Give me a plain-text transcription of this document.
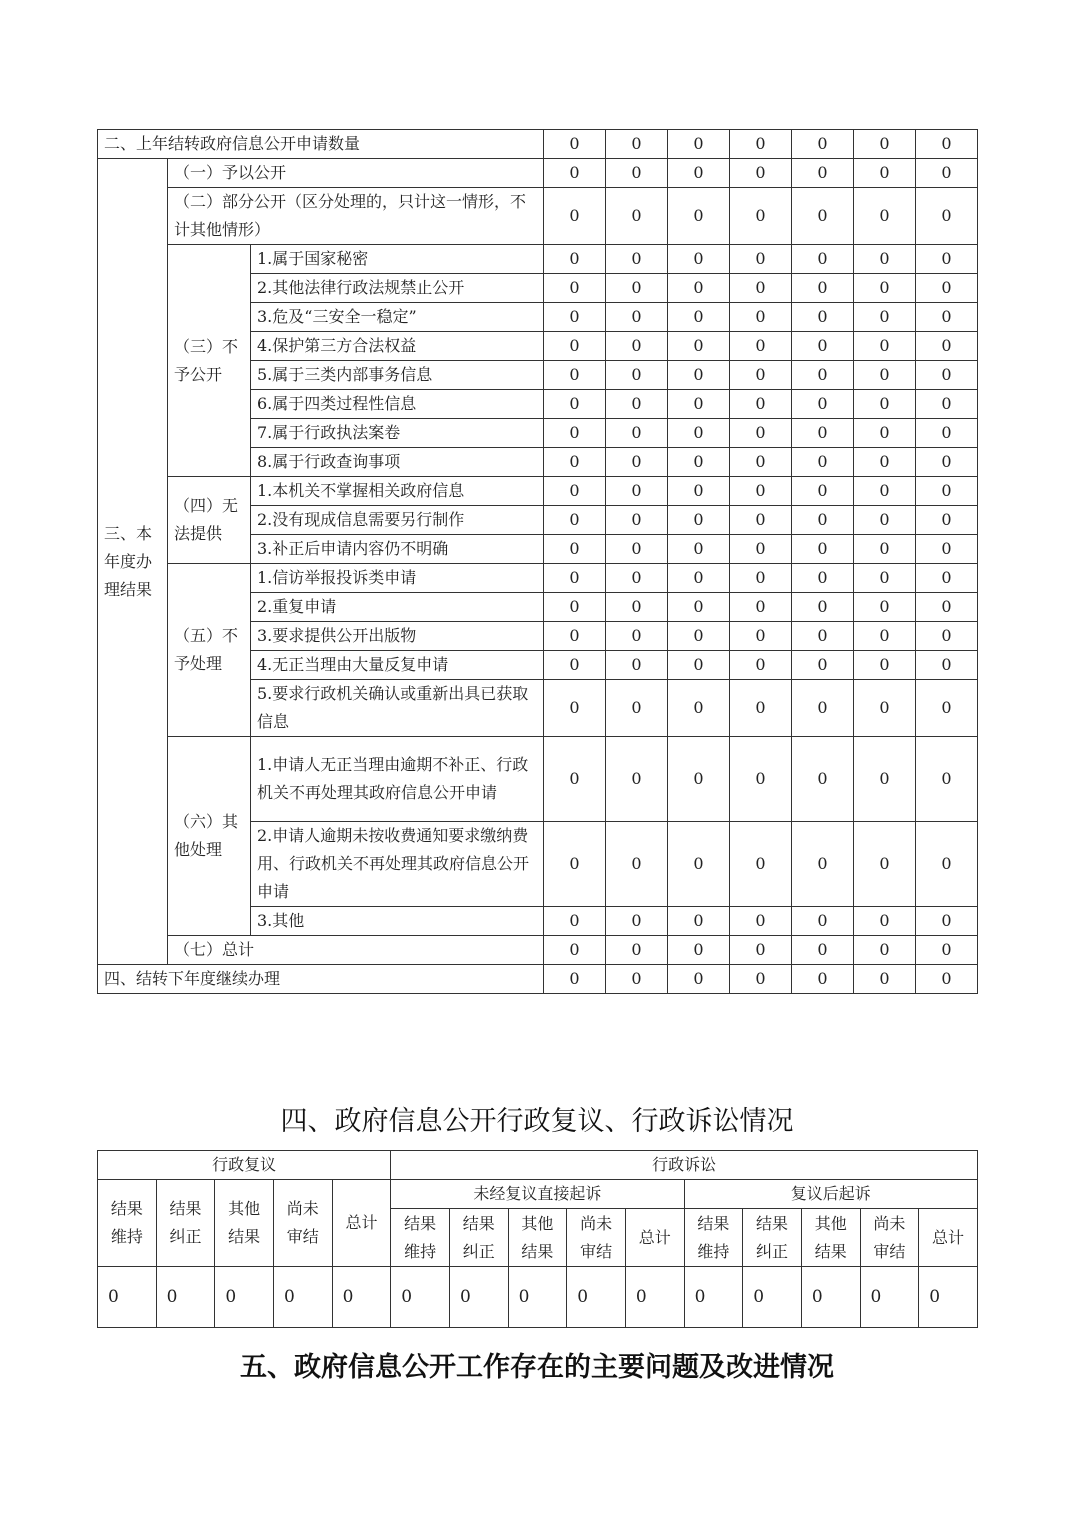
二、上年结转政府信息公开申请数量			0	0	0	0	0	0	0
三、本年度办理结果	（一）予以公开		0	0	0	0	0	0	0
	（二）部分公开（区分处理的，只计这一情形，不计其他情形）		0	0	0	0	0	0	0
	（三）不予公开	1.属于国家秘密	0	0	0	0	0	0	0
		2.其他法律行政法规禁止公开	0	0	0	0	0	0	0
		3.危及“三安全一稳定”	0	0	0	0	0	0	0
		4.保护第三方合法权益	0	0	0	0	0	0	0
		5.属于三类内部事务信息	0	0	0	0	0	0	0
		6.属于四类过程性信息	0	0	0	0	0	0	0
		7.属于行政执法案卷	0	0	0	0	0	0	0
		8.属于行政查询事项	0	0	0	0	0	0	0
	（四）无法提供	1.本机关不掌握相关政府信息	0	0	0	0	0	0	0
		2.没有现成信息需要另行制作	0	0	0	0	0	0	0
		3.补正后申请内容仍不明确	0	0	0	0	0	0	0
	（五）不予处理	1.信访举报投诉类申请	0	0	0	0	0	0	0
		2.重复申请	0	0	0	0	0	0	0
		3.要求提供公开出版物	0	0	0	0	0	0	0
		4.无正当理由大量反复申请	0	0	0	0	0	0	0
		5.要求行政机关确认或重新出具已获取信息	0	0	0	0	0	0	0
	（六）其他处理	1.申请人无正当理由逾期不补正、行政机关不再处理其政府信息公开申请	0	0	0	0	0	0	0
		2.申请人逾期未按收费通知要求缴纳费用、行政机关不再处理其政府信息公开申请	0	0	0	0	0	0	0
		3.其他	0	0	0	0	0	0	0
	（七）总计		0	0	0	0	0	0	0
四、结转下年度继续办理			0	0	0	0	0	0	0
四、政府信息公开行政复议、行政诉讼情况
行政复议					行政诉讼									
结果维持	结果纠正	其他结果	尚未审结	总计	未经复议直接起诉					复议后起诉				
					结果维持	结果纠正	其他结果	尚未审结	总计	结果维持	结果纠正	其他结果	尚未审结	总计
0	0	0	0	0	0	0	0	0	0	0	0	0	0	0
五、政府信息公开工作存在的主要问题及改进情况
